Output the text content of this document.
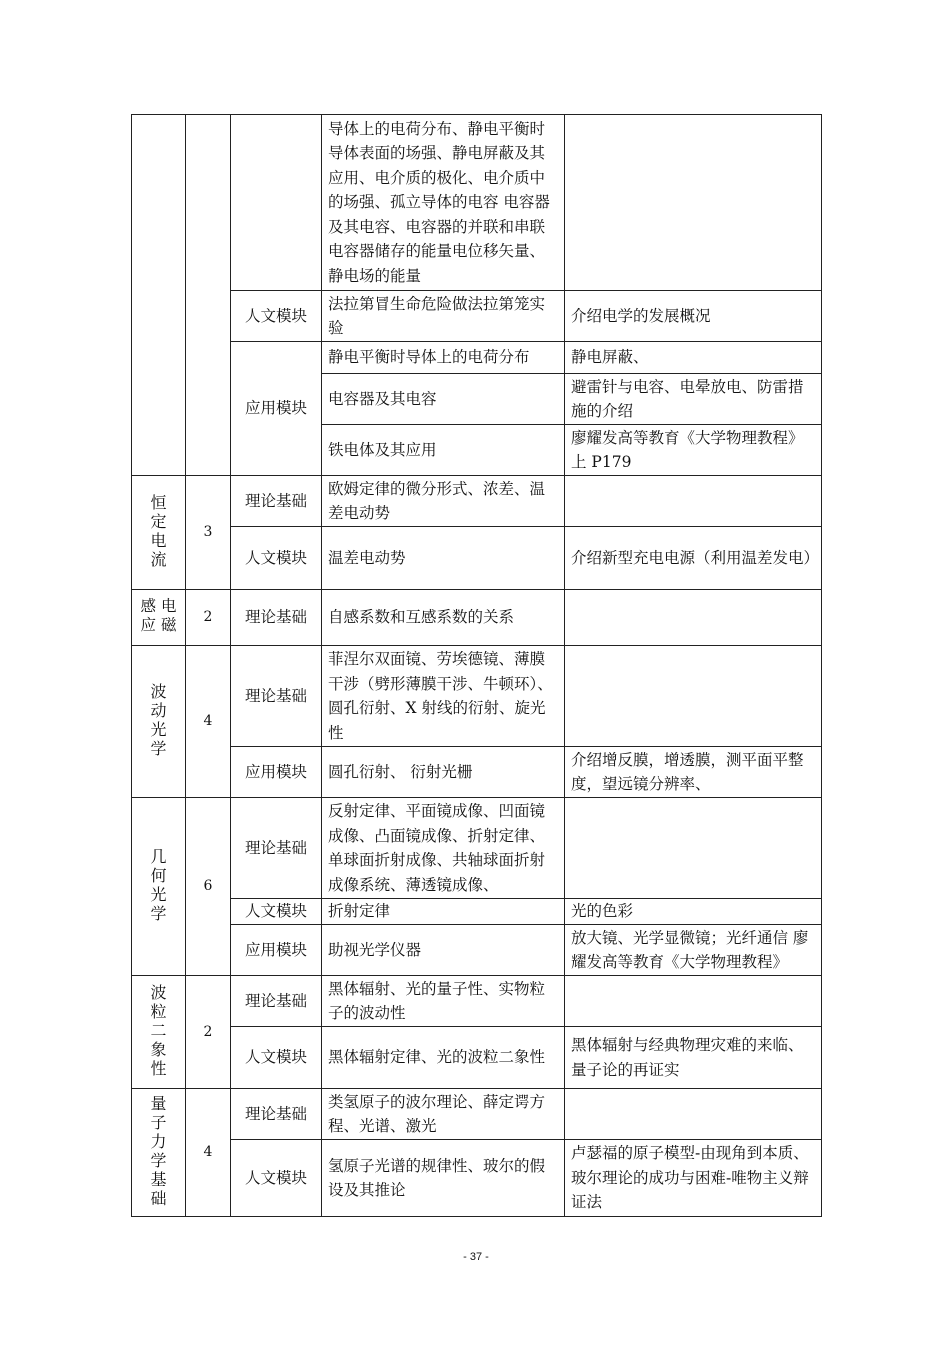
			导体上的电荷分布、静电平衡时导体表面的场强、静电屏蔽及其应用、电介质的极化、电介质中的场强、孤立导体的电容 电容器及其电容、电容器的并联和串联电容器储存的能量电位移矢量、静电场的能量	
		人文模块	法拉第冒生命危险做法拉第笼实验	介绍电学的发展概况
		应用模块	静电平衡时导体上的电荷分布	静电屏蔽、
			电容器及其电容	避雷针与电容、电晕放电、防雷措施的介绍
			铁电体及其应用	廖耀发高等教育《大学物理教程》上 P179
恒定电流	3	理论基础	欧姆定律的微分形式、浓差、温差电动势	
		人文模块	温差电动势	介绍新型充电电源（利用温差发电）
感 电 应 磁	2	理论基础	自感系数和互感系数的关系	
波动光学	4	理论基础	菲涅尔双面镜、劳埃德镜、薄膜干涉（劈形薄膜干涉、牛顿环）、圆孔衍射、X 射线的衍射、旋光性	
		应用模块	圆孔衍射、 衍射光栅	介绍增反膜，增透膜，测平面平整度，望远镜分辨率、
几何光学	6	理论基础	反射定律、平面镜成像、凹面镜成像、凸面镜成像、折射定律、单球面折射成像、共轴球面折射成像系统、薄透镜成像、	
		人文模块	折射定律	光的色彩
		应用模块	助视光学仪器	放大镜、光学显微镜；光纤通信 廖耀发高等教育《大学物理教程》
波粒二象性	2	理论基础	黑体辐射、光的量子性、实物粒子的波动性	
		人文模块	黑体辐射定律、光的波粒二象性	黑体辐射与经典物理灾难的来临、量子论的再证实
量子力学基础	4	理论基础	类氢原子的波尔理论、薛定谔方程、光谱、激光	
		人文模块	氢原子光谱的规律性、玻尔的假设及其推论	卢瑟福的原子模型-由现角到本质、玻尔理论的成功与困难-唯物主义辩证法
- 37 -
